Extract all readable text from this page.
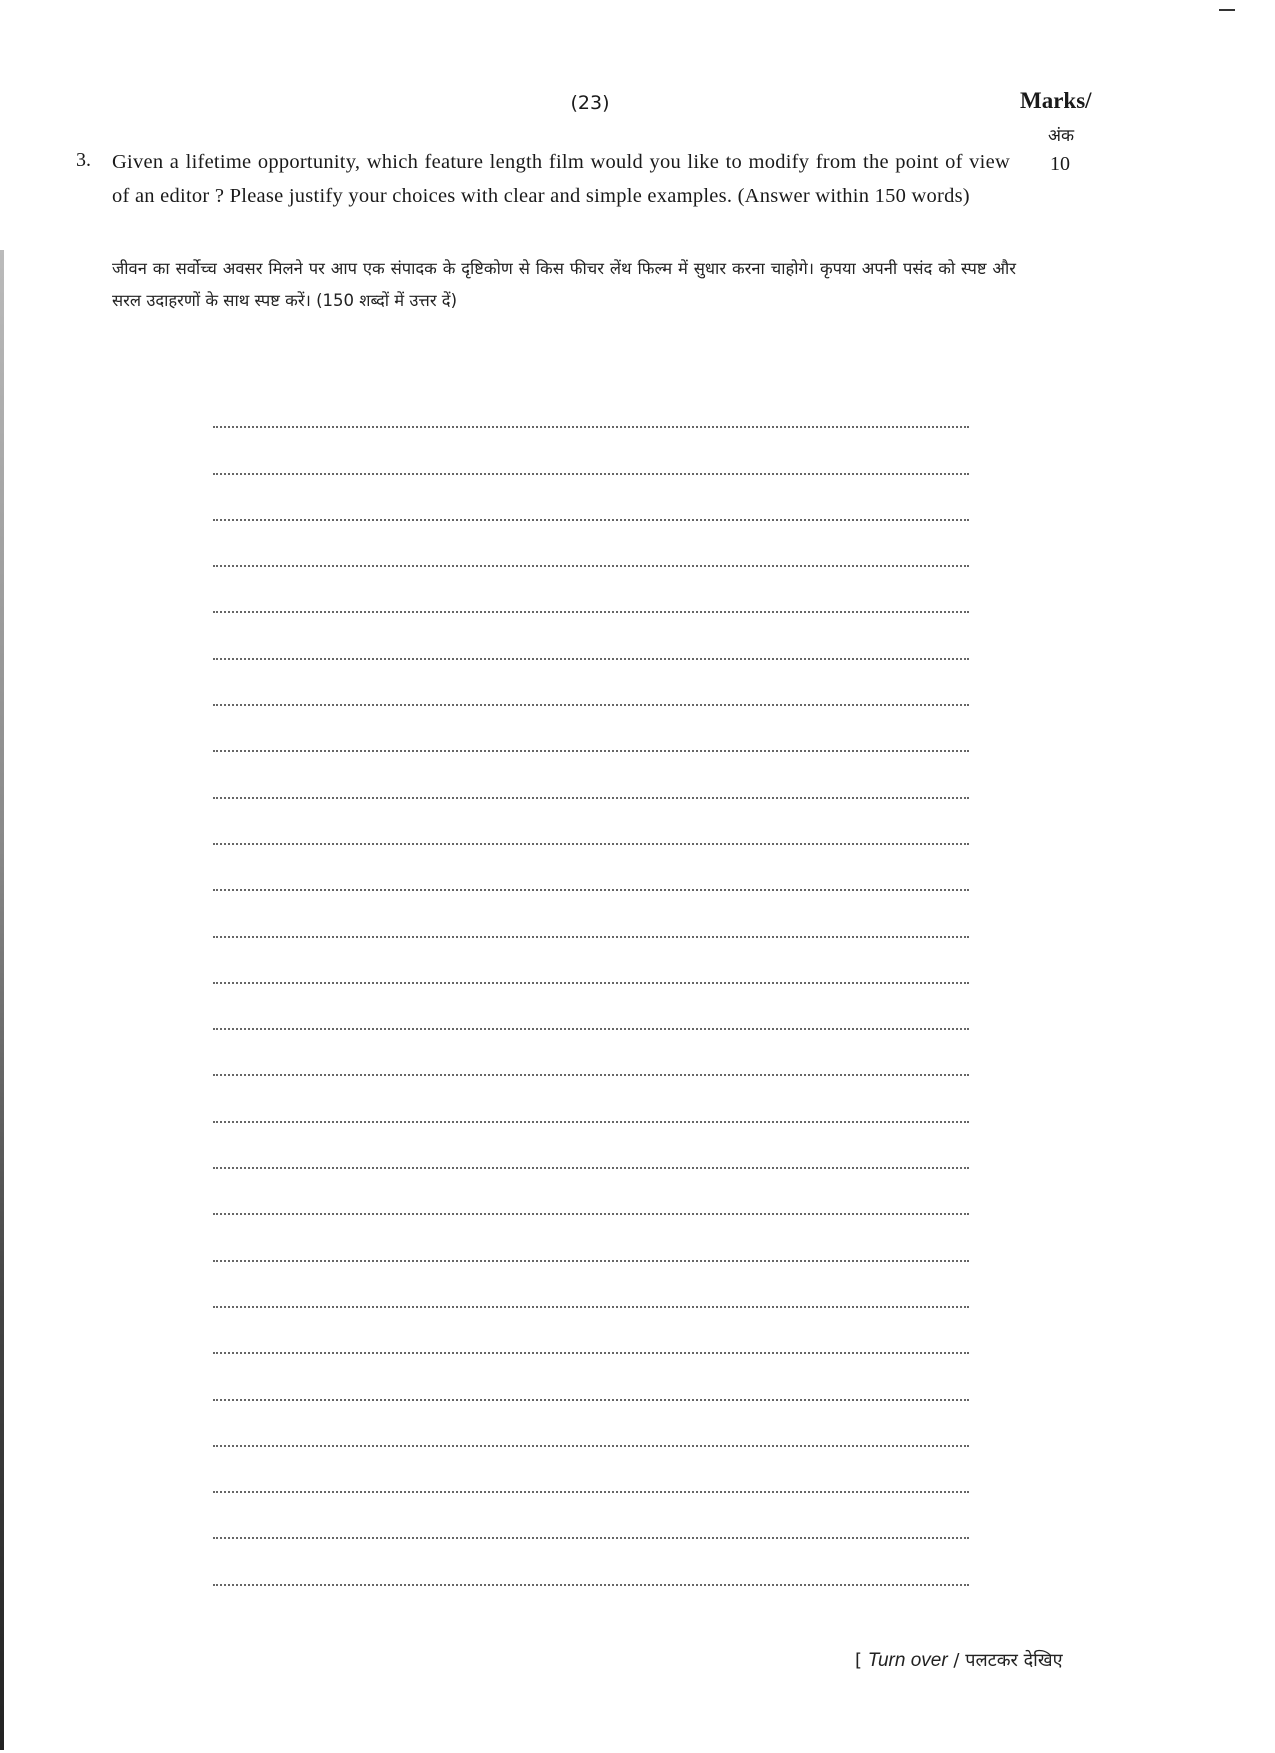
(23)	Marks/
अंक
10
3. Given a lifetime opportunity, which feature length film would you like to modify from the point of view of an editor ? Please justify your choices with clear and simple examples. (Answer within 150 words)
जीवन का सर्वोच्च अवसर मिलने पर आप एक संपादक के दृष्टिकोण से किस फीचर लेंथ फिल्म में सुधार करना चाहोगे। कृपया अपनी पसंद को स्पष्ट और सरल उदाहरणों के साथ स्पष्ट करें। (150 शब्दों में उत्तर दें)
[ Turn over / पलटकर देखिए
